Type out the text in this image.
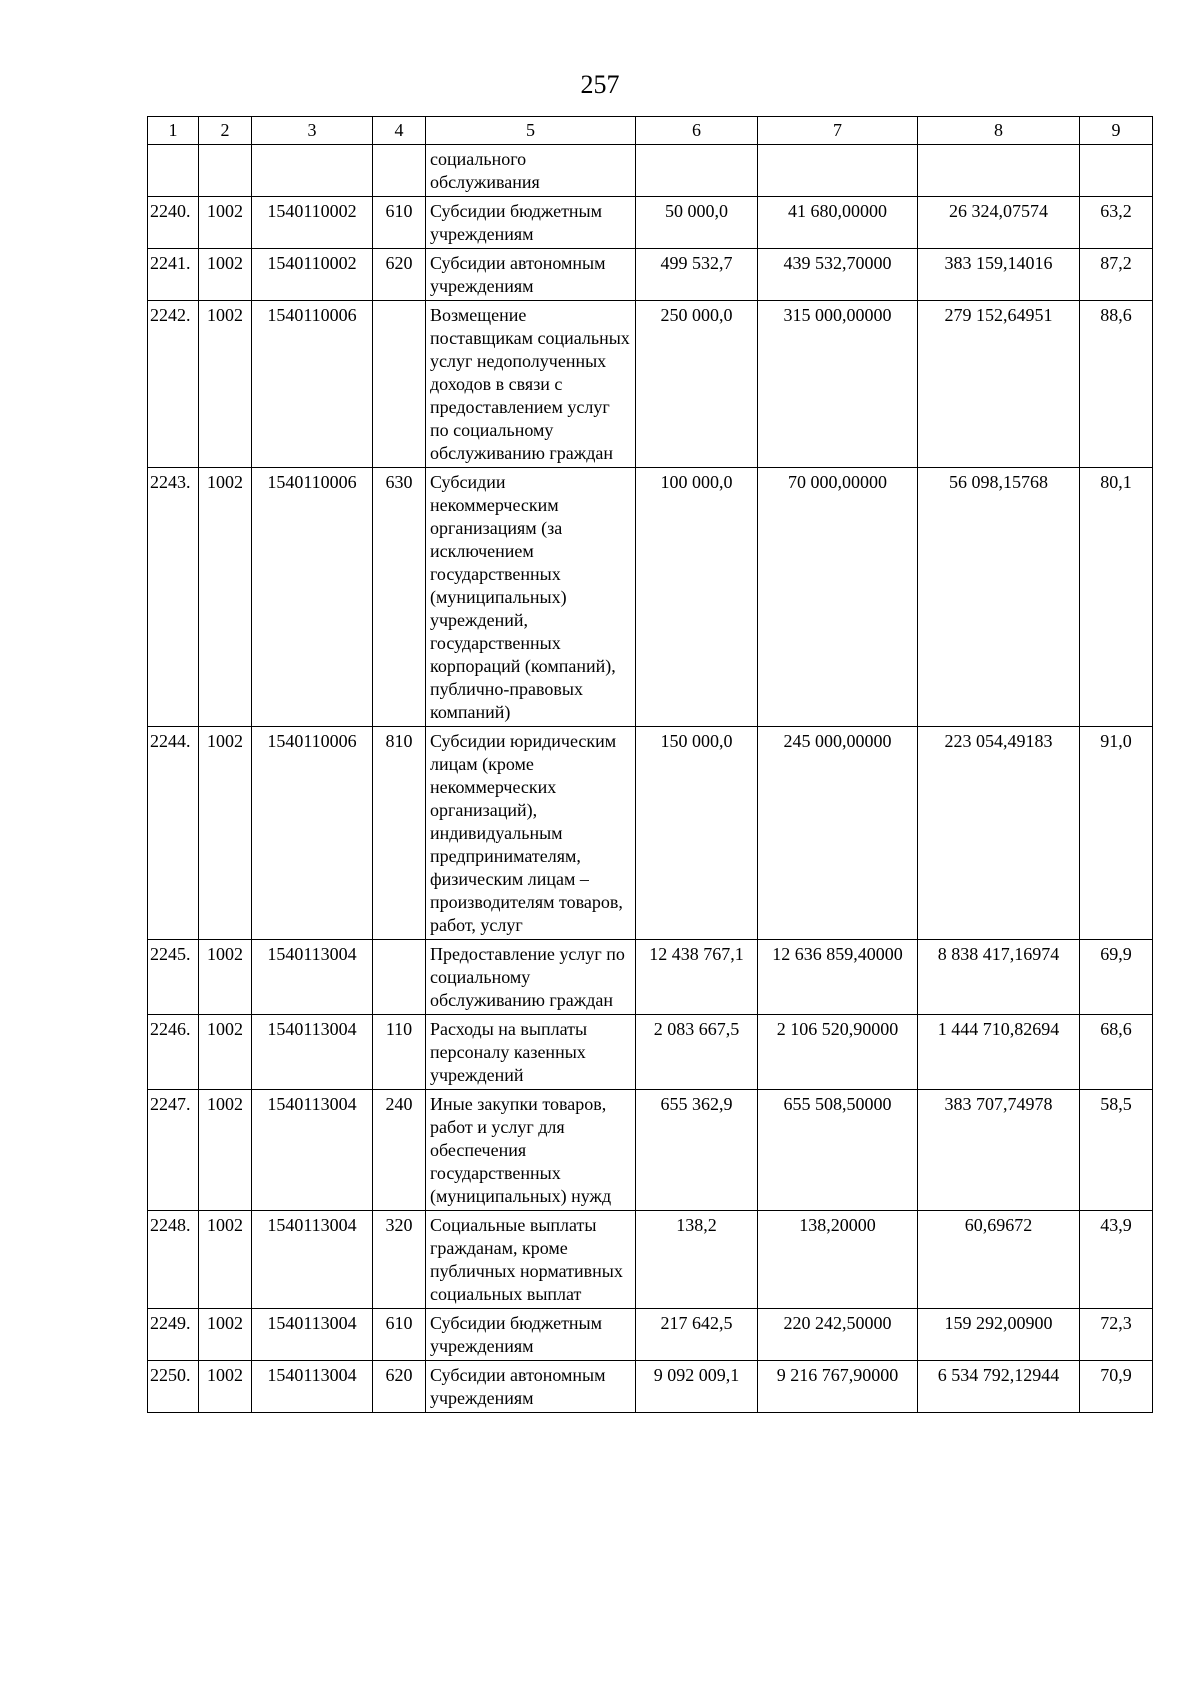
257
1	2	3	4	5	6	7	8	9
				социального обслуживания				
2240.	1002	1540110002	610	Субсидии бюджетным учреждениям	50 000,0	41 680,00000	26 324,07574	63,2
2241.	1002	1540110002	620	Субсидии автономным учреждениям	499 532,7	439 532,70000	383 159,14016	87,2
2242.	1002	1540110006		Возмещение поставщикам социальных услуг недополученных доходов в связи с предоставлением услуг по социальному обслуживанию граждан	250 000,0	315 000,00000	279 152,64951	88,6
2243.	1002	1540110006	630	Субсидии некоммерческим организациям (за исключением государственных (муниципальных) учреждений, государственных корпораций (компаний), публично-правовых компаний)	100 000,0	70 000,00000	56 098,15768	80,1
2244.	1002	1540110006	810	Субсидии юридическим лицам (кроме некоммерческих организаций), индивидуальным предпринимателям, физическим лицам – производителям товаров, работ, услуг	150 000,0	245 000,00000	223 054,49183	91,0
2245.	1002	1540113004		Предоставление услуг по социальному обслуживанию граждан	12 438 767,1	12 636 859,40000	8 838 417,16974	69,9
2246.	1002	1540113004	110	Расходы на выплаты персоналу казенных учреждений	2 083 667,5	2 106 520,90000	1 444 710,82694	68,6
2247.	1002	1540113004	240	Иные закупки товаров, работ и услуг для обеспечения государственных (муниципальных) нужд	655 362,9	655 508,50000	383 707,74978	58,5
2248.	1002	1540113004	320	Социальные выплаты гражданам, кроме публичных нормативных социальных выплат	138,2	138,20000	60,69672	43,9
2249.	1002	1540113004	610	Субсидии бюджетным учреждениям	217 642,5	220 242,50000	159 292,00900	72,3
2250.	1002	1540113004	620	Субсидии автономным учреждениям	9 092 009,1	9 216 767,90000	6 534 792,12944	70,9
